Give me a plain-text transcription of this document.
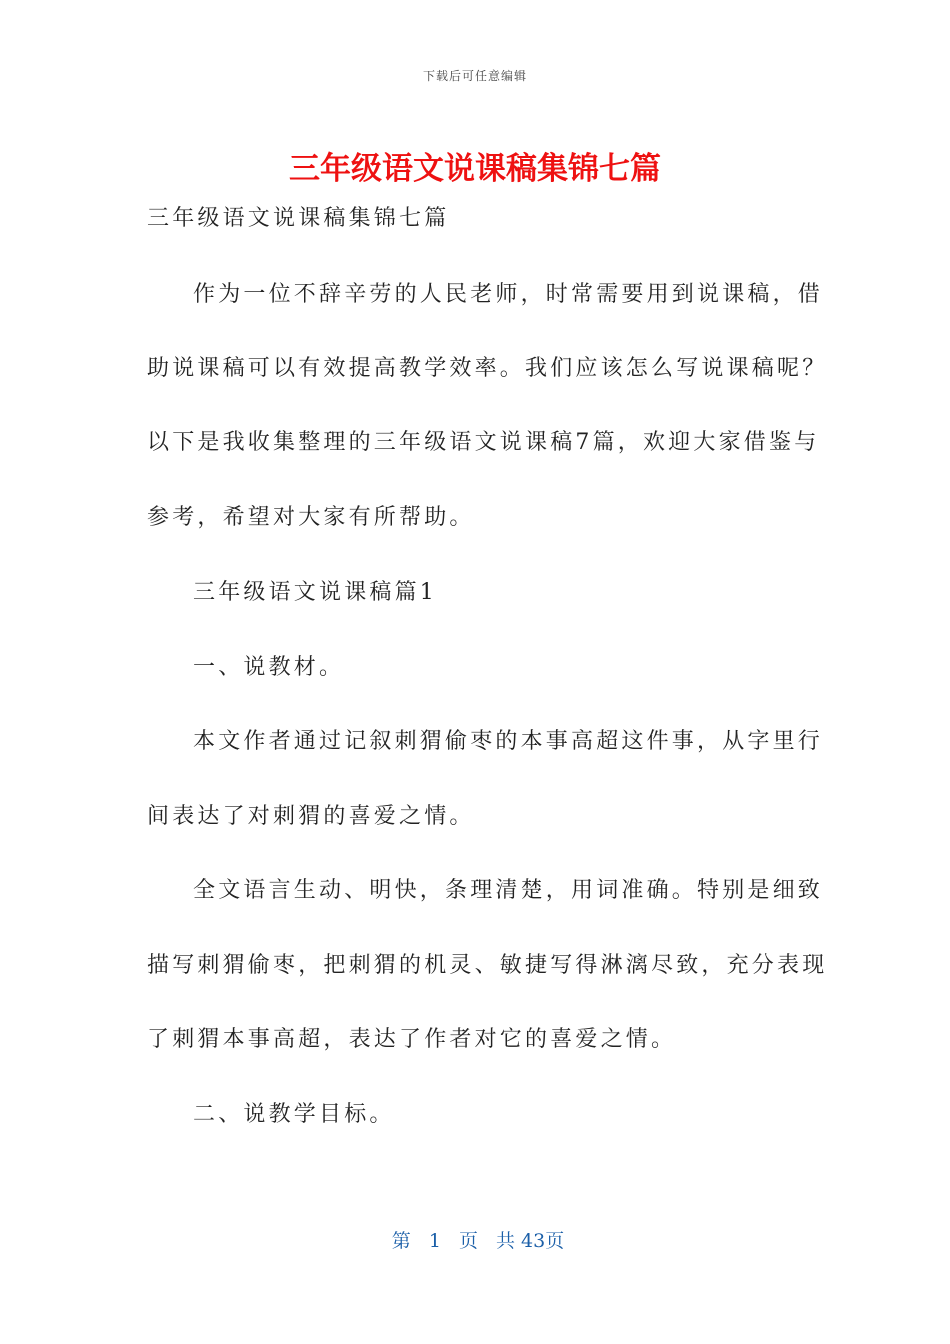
下载后可任意编辑
三年级语文说课稿集锦七篇
三年级语文说课稿集锦七篇
作为一位不辞辛劳的人民老师，时常需要用到说课稿，借
助说课稿可以有效提高教学效率。我们应该怎么写说课稿呢？
以下是我收集整理的三年级语文说课稿7篇，欢迎大家借鉴与
参考，希望对大家有所帮助。
三年级语文说课稿篇1
一、说教材。
本文作者通过记叙刺猬偷枣的本事高超这件事，从字里行
间表达了对刺猬的喜爱之情。
全文语言生动、明快，条理清楚，用词准确。特别是细致
描写刺猬偷枣，把刺猬的机灵、敏捷写得淋漓尽致，充分表现
了刺猬本事高超，表达了作者对它的喜爱之情。
二、说教学目标。
第 1 页 共 43页
